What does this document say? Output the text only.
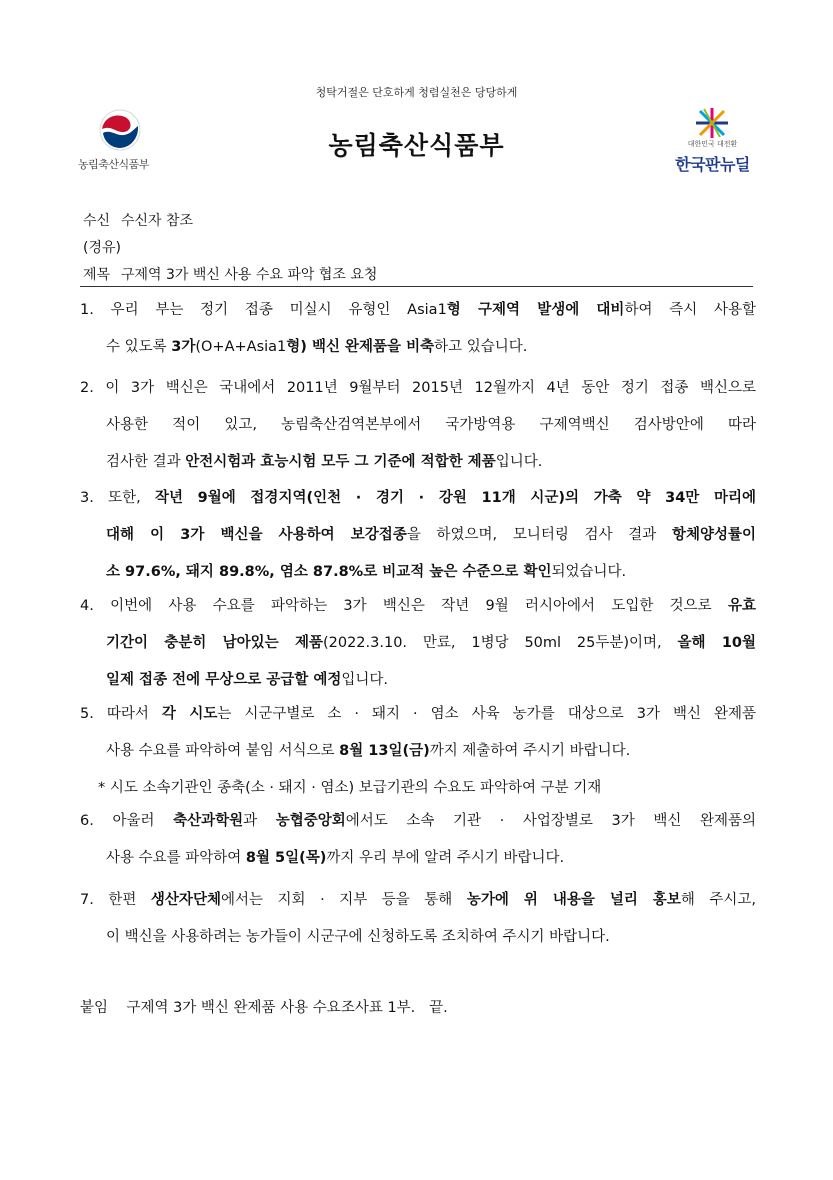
청탁거절은 단호하게 청렴실천은 당당하게
농림축산식품부
농림축산식품부	대한민국 대전환
한국판뉴딜
수신 수신자 참조
(경유)
제목 구제역 3가 백신 사용 수요 파악 협조 요청
1. 우리 부는 정기 접종 미실시 유형인 Asia1형 구제역 발생에 대비하여 즉시 사용할
수 있도록 3가(O+A+Asia1형) 백신 완제품을 비축하고 있습니다.
2. 이 3가 백신은 국내에서 2011년 9월부터 2015년 12월까지 4년 동안 정기 접종 백신으로
사용한 적이 있고, 농림축산검역본부에서 국가방역용 구제역백신 검사방안에 따라
검사한 결과 안전시험과 효능시험 모두 그 기준에 적합한 제품입니다.
3. 또한, 작년 9월에 접경지역(인천 · 경기 · 강원 11개 시군)의 가축 약 34만 마리에
대해 이 3가 백신을 사용하여 보강접종을 하였으며, 모니터링 검사 결과 항체양성률이
소 97.6%, 돼지 89.8%, 염소 87.8%로 비교적 높은 수준으로 확인되었습니다.
4. 이번에 사용 수요를 파악하는 3가 백신은 작년 9월 러시아에서 도입한 것으로 유효
기간이 충분히 남아있는 제품(2022.3.10. 만료, 1병당 50ml 25두분)이며, 올해 10월
일제 접종 전에 무상으로 공급할 예정입니다.
5. 따라서 각 시도는 시군구별로 소 · 돼지 · 염소 사육 농가를 대상으로 3가 백신 완제품
사용 수요를 파악하여 붙임 서식으로 8월 13일(금)까지 제출하여 주시기 바랍니다.
* 시도 소속기관인 종축(소 · 돼지 · 염소) 보급기관의 수요도 파악하여 구분 기재
6. 아울러 축산과학원과 농협중앙회에서도 소속 기관 · 사업장별로 3가 백신 완제품의
사용 수요를 파악하여 8월 5일(목)까지 우리 부에 알려 주시기 바랍니다.
7. 한편 생산자단체에서는 지회 · 지부 등을 통해 농가에 위 내용을 널리 홍보해 주시고,
이 백신을 사용하려는 농가들이 시군구에 신청하도록 조치하여 주시기 바랍니다.
붙임 구제역 3가 백신 완제품 사용 수요조사표 1부. 끝.
